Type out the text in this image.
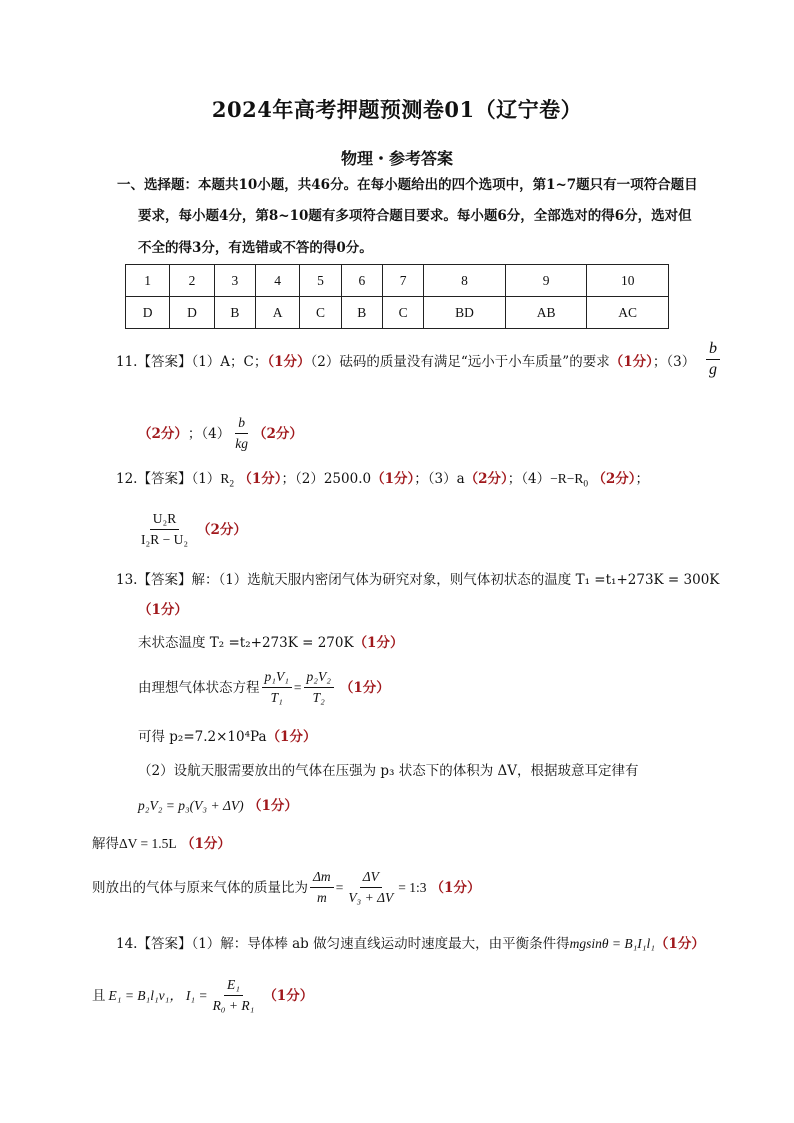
2024年高考押题预测卷01（辽宁卷）
物理・参考答案
一、选择题：本题共10小题，共46分。在每小题给出的四个选项中，第1~7题只有一项符合题目
要求，每小题4分，第8~10题有多项符合题目要求。每小题6分，全部选对的得6分，选对但
不全的得3分，有选错或不答的得0分。
1	2	3	4	5	6	7	8	9	10
D	D	B	A	C	B	C	BD	AB	AC
11.【答案】（1）A；C；（1分）（2）砝码的质量没有满足“远小于小车质量”的要求（1分）；$(3) \frac{b}{g}$
（2分） ；$(4) \frac{b}{kg} (2$分）
12.【答案】$(1)R_2$ （1分）；（2）2500.0（1分）；（3）a（2分）；$(4)-R-R_0$ （2分）；
$\frac{\text{U₂R}}{\text{I₂R − U₂}} (2$分）
13.【答案】解：（1）选航天服内密闭气体为研究对象，则气体初状态的温度 T₁ =t₁+273K = 300K
（1分）
末状态温度 T₂ =t₂+273K = 270K（1分）
由理想气体状态方程 $\frac{\text{p₁V₁}}{\text{T₁}} = \frac{\text{p₂V₂}}{\text{T₂}} (1$分）
可得 p₂=7.2×10⁴Pa（1分）
（2）设航天服需要放出的气体在压强为 p₃ 状态下的体积为 ΔV，根据玻意耳定律有
p₂V₂ = p₃(V₃ + ΔV) （1分）
解得ΔV = 1.5L （1分）
则放出的气体与原来气体的质量比为 $\frac{\Delta m}{m} = \frac{\Delta V}{\text{V₃ + ΔV}}$ = 1:3 （1分）
14.【答案】（1）解：导体棒 ab 做匀速直线运动时速度最大，由平衡条件得mgsinθ = B₁I₁l₁（1分）
且 E₁ = B₁l₁v₁， $I_1 = \frac{\text{E₁}}{\text{R₀ + R₁}} (1$分）
